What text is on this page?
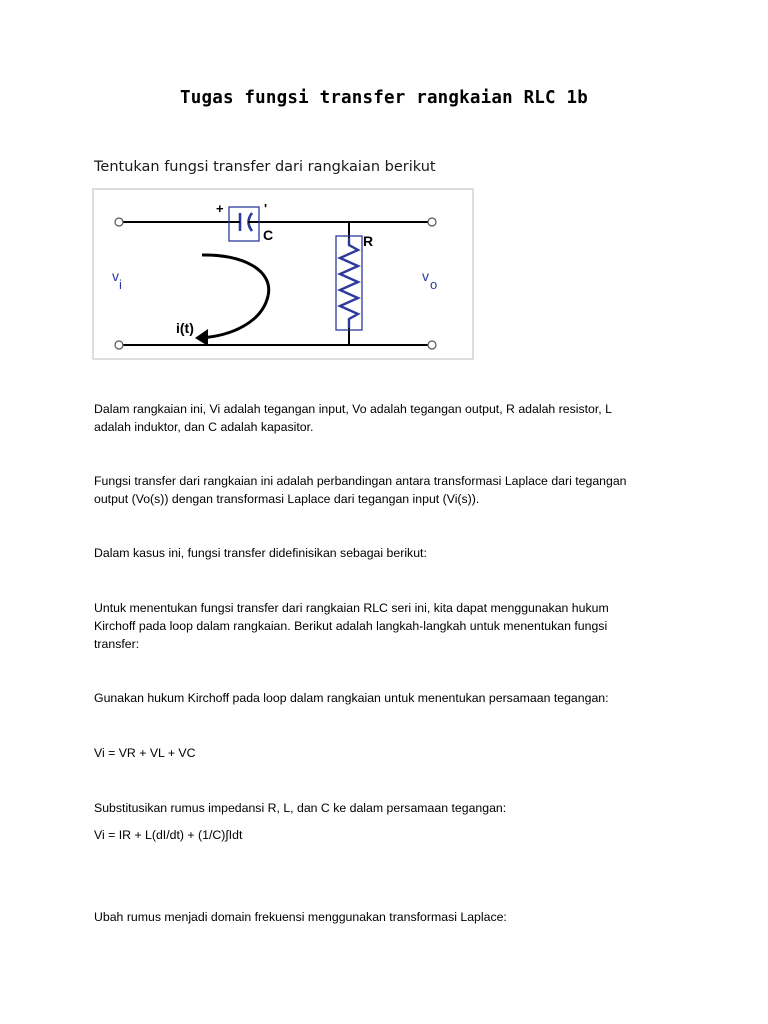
Tugas fungsi transfer rangkaian RLC 1b
Tentukan fungsi transfer dari rangkaian berikut
+	'
C	R
i(t)
v
i
v
o
Dalam rangkaian ini, Vi adalah tegangan input, Vo adalah tegangan output, R adalah resistor, L
adalah induktor, dan C adalah kapasitor.
Fungsi transfer dari rangkaian ini adalah perbandingan antara transformasi Laplace dari tegangan
output (Vo(s)) dengan transformasi Laplace dari tegangan input (Vi(s)).
Dalam kasus ini, fungsi transfer didefinisikan sebagai berikut:
Untuk menentukan fungsi transfer dari rangkaian RLC seri ini, kita dapat menggunakan hukum
Kirchoff pada loop dalam rangkaian. Berikut adalah langkah-langkah untuk menentukan fungsi
transfer:
Gunakan hukum Kirchoff pada loop dalam rangkaian untuk menentukan persamaan tegangan:
Vi = VR + VL + VC
Substitusikan rumus impedansi R, L, dan C ke dalam persamaan tegangan:
Vi = IR + L(dI/dt) + (1/C)∫Idt
Ubah rumus menjadi domain frekuensi menggunakan transformasi Laplace:
